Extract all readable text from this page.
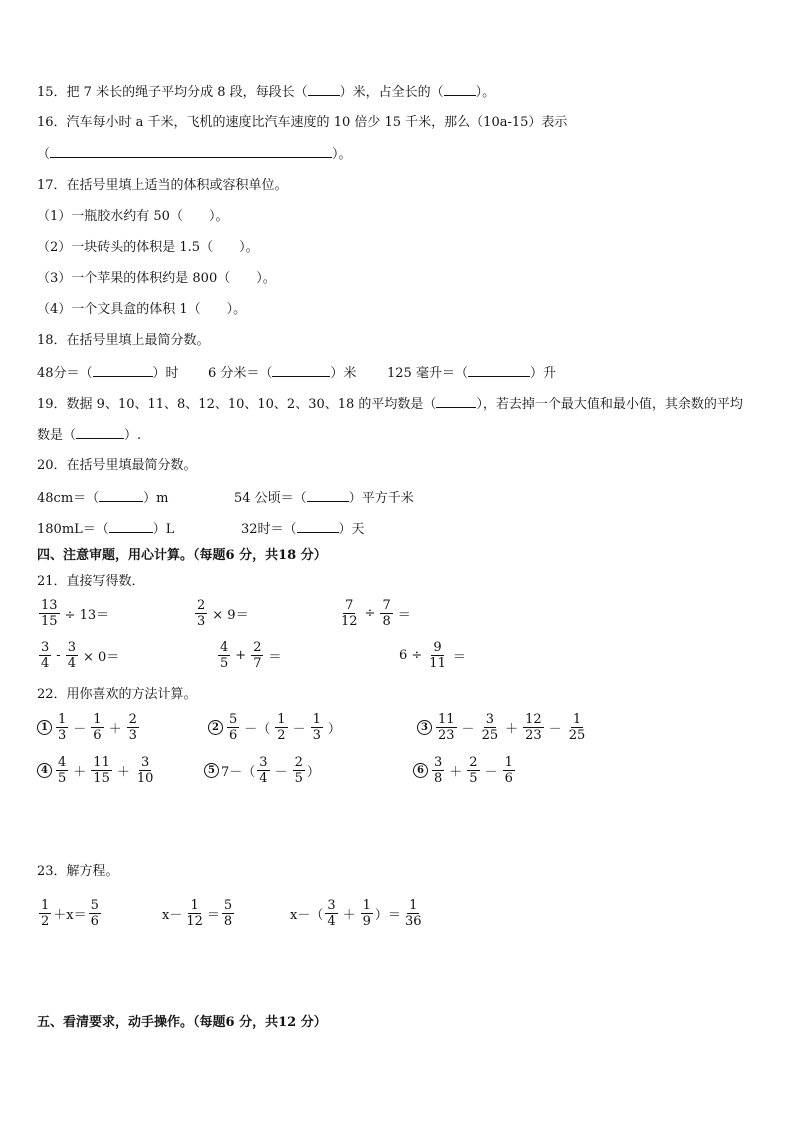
15．把 7 米长的绳子平均分成 8 段，每段长（ ）米，占全长的（ ）。
16．汽车每小时 a 千米，飞机的速度比汽车速度的 10 倍少 15 千米，那么（10a-15）表示
（	）。
17．在括号里填上适当的体积或容积单位。
（1）一瓶胶水约有 50（　　）。
（2）一块砖头的体积是 1.5（　　）。
（3）一个苹果的体积约是 800（　　）。
（4）一个文具盒的体积 1（　　）。
18．在括号里填上最简分数。
48分＝（	）时 6 分米＝（	）米 125 毫升＝（	）升
19．数据 9、10、11、8、12、10、10、2、30、18 的平均数是（	），若去掉一个最大值和最小值，其余数的平均
数是（	）.
20．在括号里填最简分数。
48cm＝（	）m	54 公顷＝（	）平方千米
180mL＝（	）L	32时＝（	）天
四、注意审题，用心计算。（每题6 分，共18 分）
21．直接写得数．
$\frac{13}{15} \div 13=$	$\frac{2}{3} \times 9=$	$\frac{7}{12} \div \frac{7}{8}$ ＝
$\frac{3}{4} - \frac{3}{4} \times 0=$	$\frac{4}{5} + \frac{2}{7}$ ＝	$6 \div \frac{9}{11}$ ＝
22．用你喜欢的方法计算。
$1 \frac{1}{3} - \frac{1}{6} + \frac{2}{3}$	$2 \frac{5}{6}$ －（ $\frac{1}{2} - \frac{1}{3}$ ）	$3 \frac{11}{23} - \frac{3}{25} + \frac{12}{23} - \frac{1}{25}$
$4 \frac{4}{5} + \frac{11}{15} + \frac{3}{10}$	5 $7-( \frac{3}{4} - \frac{2}{5}$ ）	$6 \frac{3}{8} + \frac{2}{5} - \frac{1}{6}$
23．解方程。
$\frac{1}{2} +x= \frac{5}{6}$	$x- \frac{1}{12} = \frac{5}{8}$	$x-( \frac{3}{4} + \frac{1}{9}$ ）＝ $\frac{1}{36}$
五、看清要求，动手操作。（每题6 分，共12 分）
